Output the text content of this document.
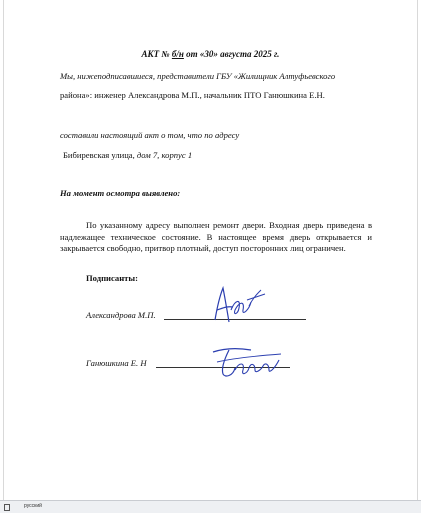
АКТ № б/н от «30» августа 2025 г.
Мы, нижеподписавшиеся, представители ГБУ «Жилищник Алтуфьевского
района»: инженер Александрова М.П., начальник ПТО Ганюшкина Е.Н.
составили настоящий акт о том, что по адресу
Бибиревская улица, дом 7, корпус 1
На момент осмотра выявлено:
По указанному адресу выполнен ремонт двери. Входная дверь приведена в надлежащее техническое состояние. В настоящее время дверь открывается и закрывается свободно, притвор плотный, доступ посторонних лиц ограничен.
Подписанты:
Александрова М.П.
Ганюшкина Е. Н
русский
